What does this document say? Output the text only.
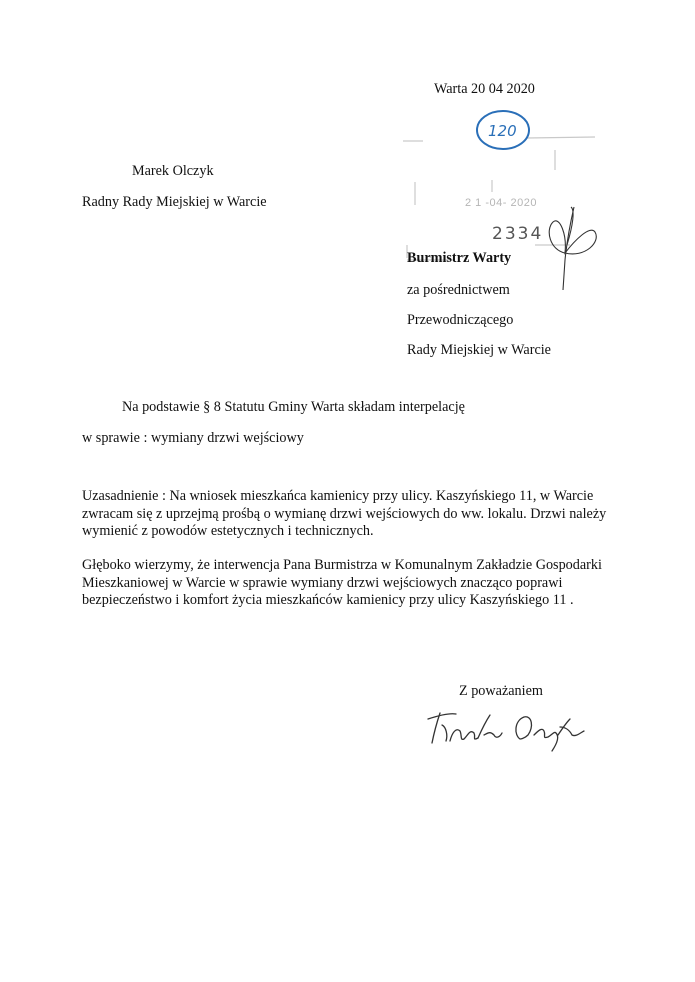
Warta 20 04 2020
120
2 1 -04- 2020
2334
Marek Olczyk
Radny Rady Miejskiej w Warcie
Burmistrz Warty
za pośrednictwem
Przewodniczącego
Rady Miejskiej w Warcie
Na podstawie § 8 Statutu Gminy Warta składam interpelację
w sprawie : wymiany drzwi wejściowy
Uzasadnienie : Na wniosek mieszkańca kamienicy przy ulicy. Kaszyńskiego 11, w Warcie
zwracam się z uprzejmą prośbą o wymianę drzwi wejściowych do ww. lokalu. Drzwi należy
wymienić z powodów estetycznych i technicznych.
Głęboko wierzymy, że interwencja Pana Burmistrza w Komunalnym Zakładzie Gospodarki
Mieszkaniowej w Warcie w sprawie wymiany drzwi wejściowych znacząco poprawi
bezpieczeństwo i komfort życia mieszkańców kamienicy przy ulicy Kaszyńskiego 11 .
Z poważaniem
